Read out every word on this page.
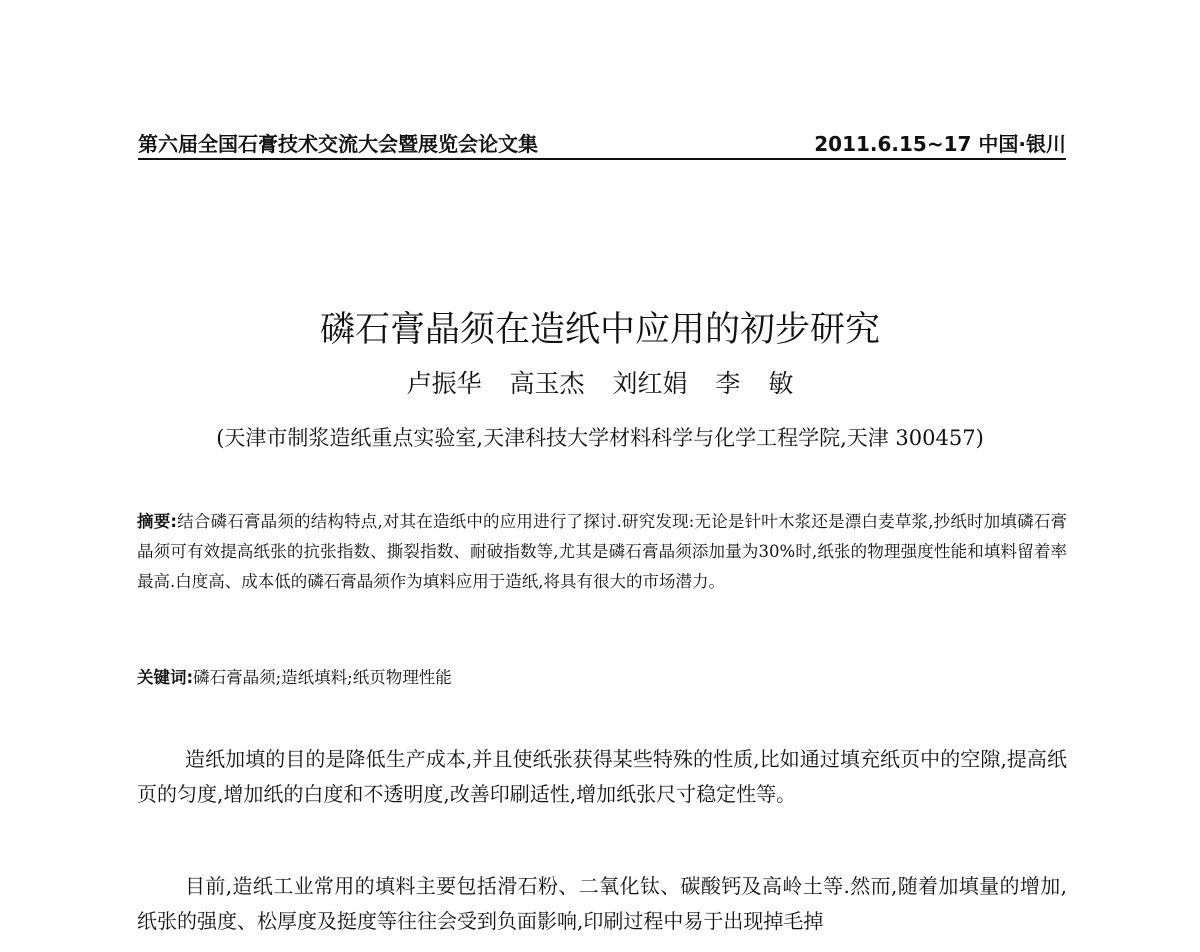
第六届全国石膏技术交流大会暨展览会论文集	2011.6.15~17 中国·银川
磷石膏晶须在造纸中应用的初步研究
卢振华 高玉杰 刘红娟 李 敏
(天津市制浆造纸重点实验室,天津科技大学材料科学与化学工程学院,天津 300457)
摘要:结合磷石膏晶须的结构特点,对其在造纸中的应用进行了探讨.研究发现:无论是针叶木浆还是漂白麦草浆,抄纸时加填磷石膏晶须可有效提高纸张的抗张指数、撕裂指数、耐破指数等,尤其是磷石膏晶须添加量为30%时,纸张的物理强度性能和填料留着率最高.白度高、成本低的磷石膏晶须作为填料应用于造纸,将具有很大的市场潜力。
关键词:磷石膏晶须;造纸填料;纸页物理性能

造纸加填的目的是降低生产成本,并且使纸张获得某些特殊的性质,比如通过填充纸页中的空隙,提高纸页的匀度,增加纸的白度和不透明度,改善印刷适性,增加纸张尺寸稳定性等。

目前,造纸工业常用的填料主要包括滑石粉、二氧化钛、碳酸钙及高岭土等.然而,随着加填量的增加,纸张的强度、松厚度及挺度等往往会受到负面影响,印刷过程中易于出现掉毛掉
